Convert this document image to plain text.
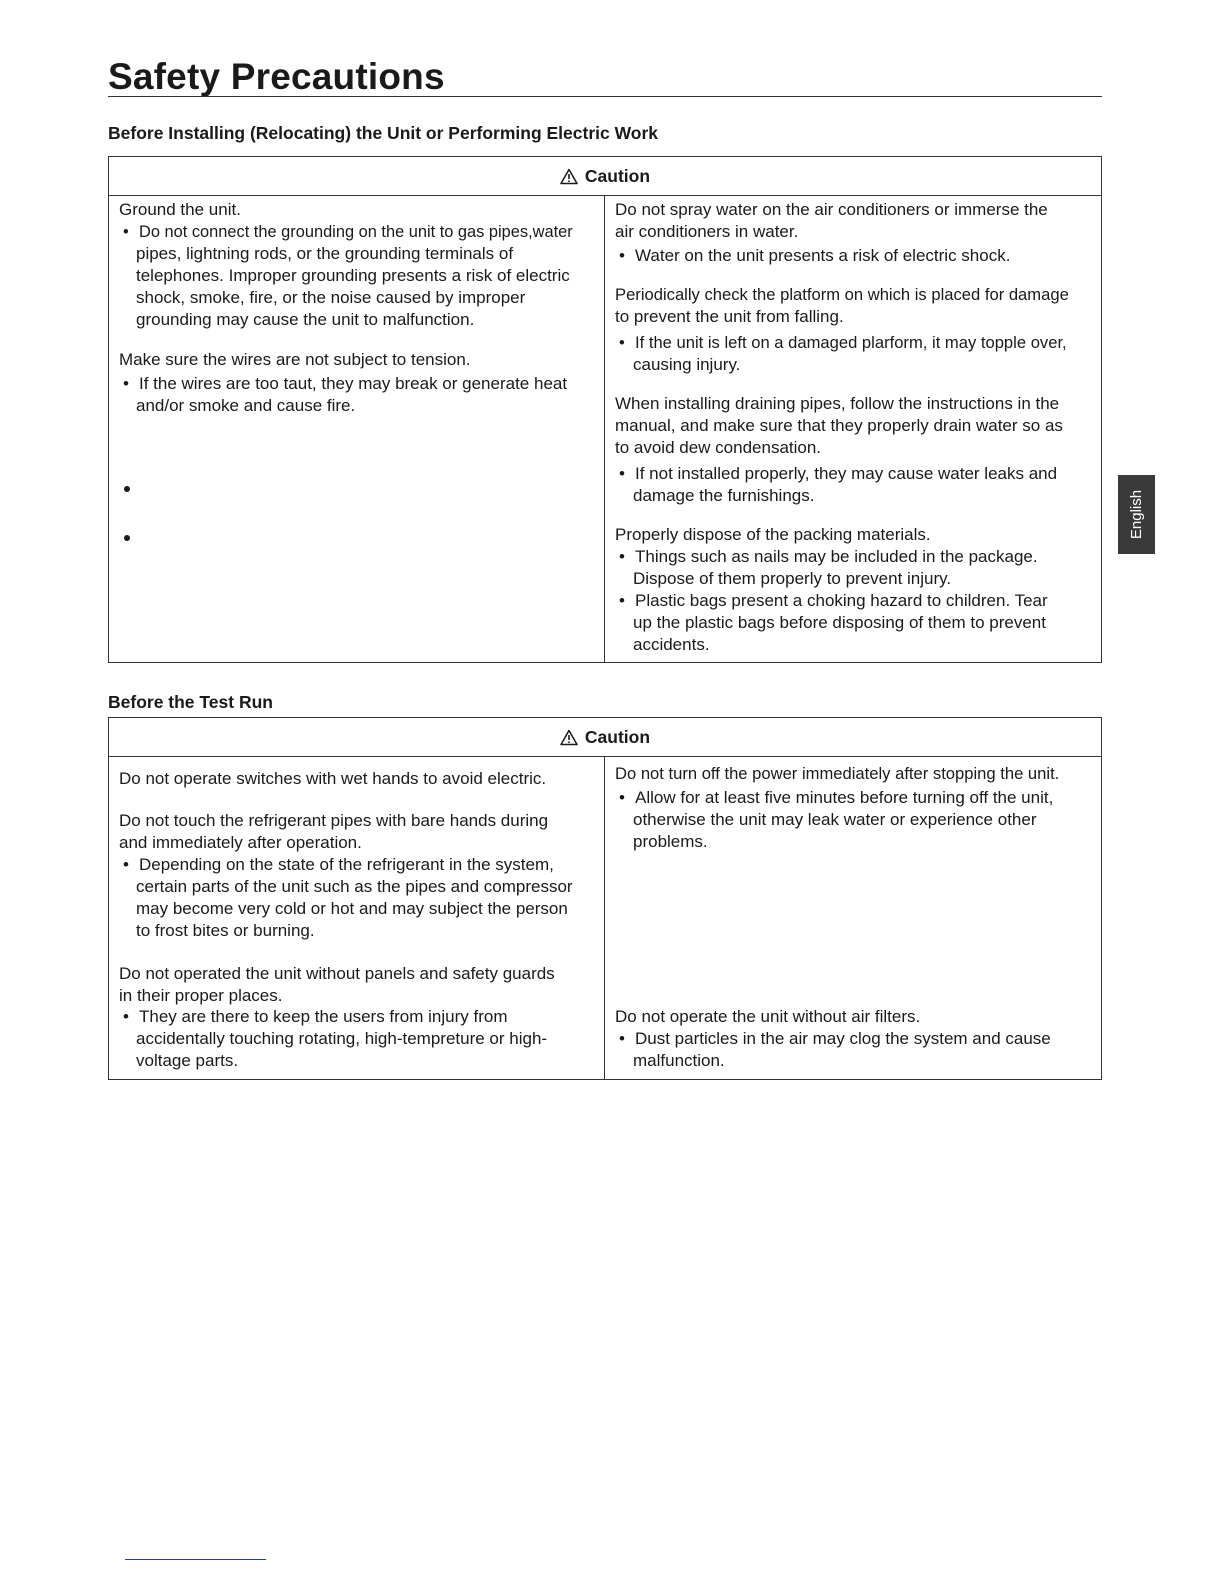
Safety Precautions
Before Installing (Relocating) the Unit or Performing Electric Work
Caution
Ground the unit.
• Do not connect the grounding on the unit to gas pipes,water
pipes, lightning rods, or the grounding terminals of
telephones. Improper grounding presents a risk of electric
shock, smoke, fire, or the noise caused by improper
grounding may cause the unit to malfunction.
Make sure the wires are not subject to tension.
• If the wires are too taut, they may break or generate heat
and/or smoke and cause fire.
Do not spray water on the air conditioners or immerse the
air conditioners in water.
• Water on the unit presents a risk of electric shock.
Periodically check the platform on which is placed for damage
to prevent the unit from falling.
• If the unit is left on a damaged plarform, it may topple over,
causing injury.
When installing draining pipes, follow the instructions in the
manual, and make sure that they properly drain water so as
to avoid dew condensation.
• If not installed properly, they may cause water leaks and
damage the furnishings.
Properly dispose of the packing materials.
• Things such as nails may be included in the package.
Dispose of them properly to prevent injury.
• Plastic bags present a choking hazard to children. Tear
up the plastic bags before disposing of them to prevent
accidents.
Before the Test Run
Caution
Do not operate switches with wet hands to avoid electric.
Do not touch the refrigerant pipes with bare hands during
and immediately after operation.
• Depending on the state of the refrigerant in the system,
certain parts of the unit such as the pipes and compressor
may become very cold or hot and may subject the person
to frost bites or burning.
Do not operated the unit without panels and safety guards
in their proper places.
• They are there to keep the users from injury from
accidentally touching rotating, high-tempreture or high-
voltage parts.
Do not turn off the power immediately after stopping the unit.
• Allow for at least five minutes before turning off the unit,
otherwise the unit may leak water or experience other
problems.
Do not operate the unit without air filters.
• Dust particles in the air may clog the system and cause
malfunction.
English
